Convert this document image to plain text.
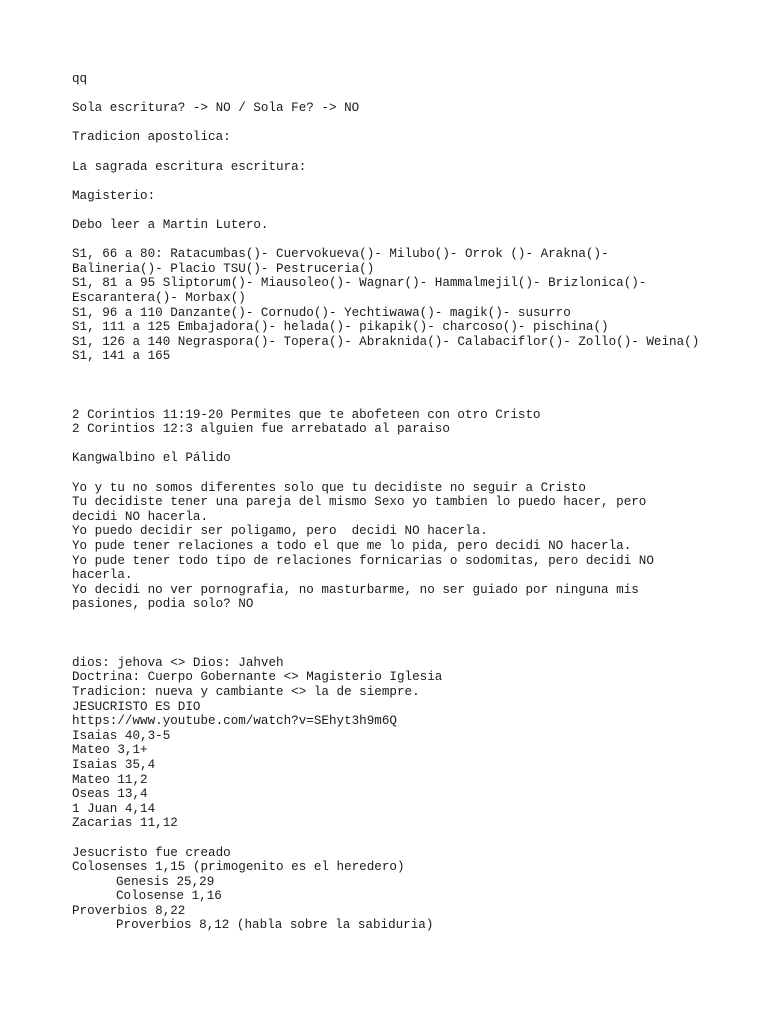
qq
Sola escritura? -> NO / Sola Fe? -> NO
Tradicion apostolica:
La sagrada escritura escritura:
Magisterio:
Debo leer a Martin Lutero.
S1, 66 a 80: Ratacumbas()- Cuervokueva()- Milubo()- Orrok ()- Arakna()-
Balineria()- Placio TSU()- Pestruceria()
S1, 81 a 95 Sliptorum()- Miausoleo()- Wagnar()- Hammalmejil()- Brizlonica()-
Escarantera()- Morbax()
S1, 96 a 110 Danzante()- Cornudo()- Yechtiwawa()- magik()- susurro
S1, 111 a 125 Embajadora()- helada()- pikapik()- charcoso()- pischina()
S1, 126 a 140 Negraspora()- Topera()- Abraknida()- Calabaciflor()- Zollo()- Weina()
S1, 141 a 165
2 Corintios 11:19-20 Permites que te abofeteen con otro Cristo
2 Corintios 12:3 alguien fue arrebatado al paraiso
Kangwalbino el Pálido
Yo y tu no somos diferentes solo que tu decidiste no seguir a Cristo
Tu decidiste tener una pareja del mismo Sexo yo tambien lo puedo hacer, pero
decidi NO hacerla.
Yo puedo decidir ser poligamo, pero  decidi NO hacerla.
Yo pude tener relaciones a todo el que me lo pida, pero decidi NO hacerla.
Yo pude tener todo tipo de relaciones fornicarias o sodomitas, pero decidi NO
hacerla.
Yo decidi no ver pornografia, no masturbarme, no ser guiado por ninguna mis
pasiones, podia solo? NO
dios: jehova <> Dios: Jahveh
Doctrina: Cuerpo Gobernante <> Magisterio Iglesia
Tradicion: nueva y cambiante <> la de siempre.
JESUCRISTO ES DIO
https://www.youtube.com/watch?v=SEhyt3h9m6Q
Isaias 40,3-5
Mateo 3,1+
Isaias 35,4
Mateo 11,2
Oseas 13,4
1 Juan 4,14
Zacarias 11,12
Jesucristo fue creado
Colosenses 1,15 (primogenito es el heredero)
Genesis 25,29
Colosense 1,16
Proverbios 8,22
Proverbios 8,12 (habla sobre la sabiduria)
